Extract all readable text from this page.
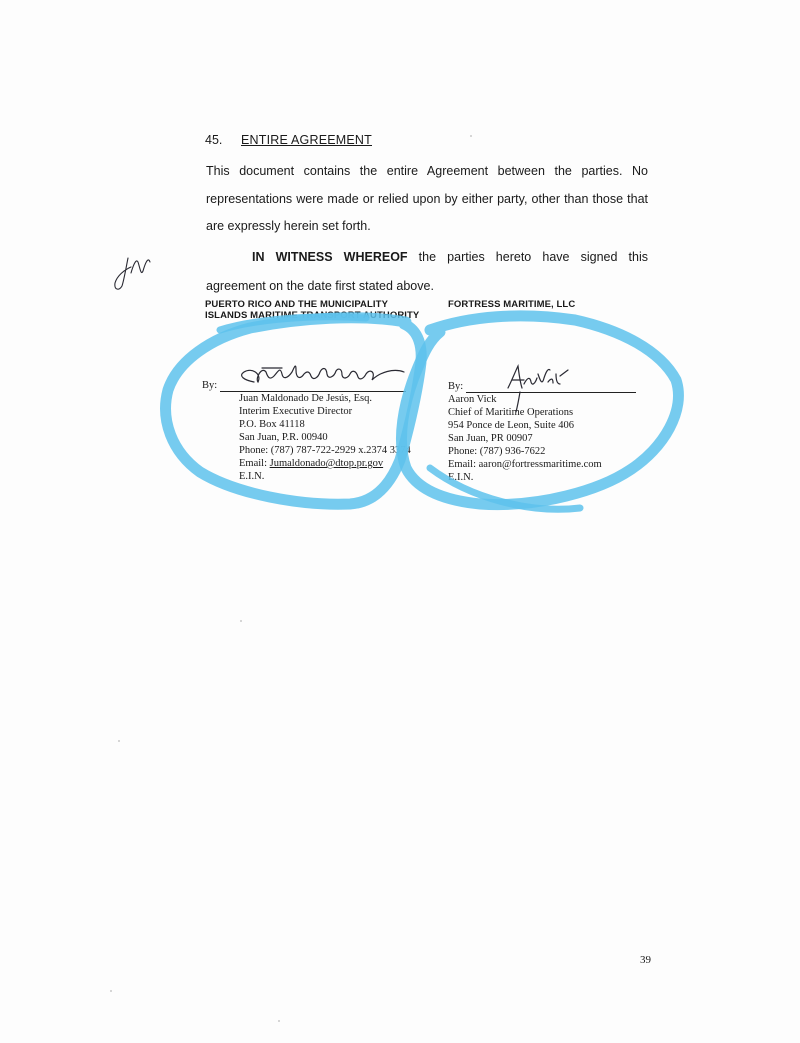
45. ENTIRE AGREEMENT
This document contains the entire Agreement between the parties. No representations were made or relied upon by either party, other than those that are expressly herein set forth.
IN WITNESS WHEREOF the parties hereto have signed this agreement on the date first stated above.
PUERTO RICO AND THE MUNICIPALITY
ISLANDS MARITIME TRANSPORT AUTHORITY
FORTRESS MARITIME, LLC
By:
Juan Maldonado De Jesús, Esq.
Interim Executive Director
P.O. Box 41118
San Juan, P.R. 00940
Phone: (787) 787-722-2929 x.2374 3374
Email: Jumaldonado@dtop.pr.gov
E.I.N.
By:
Aaron Vick
Chief of Maritime Operations
954 Ponce de Leon, Suite 406
San Juan, PR 00907
Phone: (787) 936-7622
Email: aaron@fortressmaritime.com
E.I.N.
39
